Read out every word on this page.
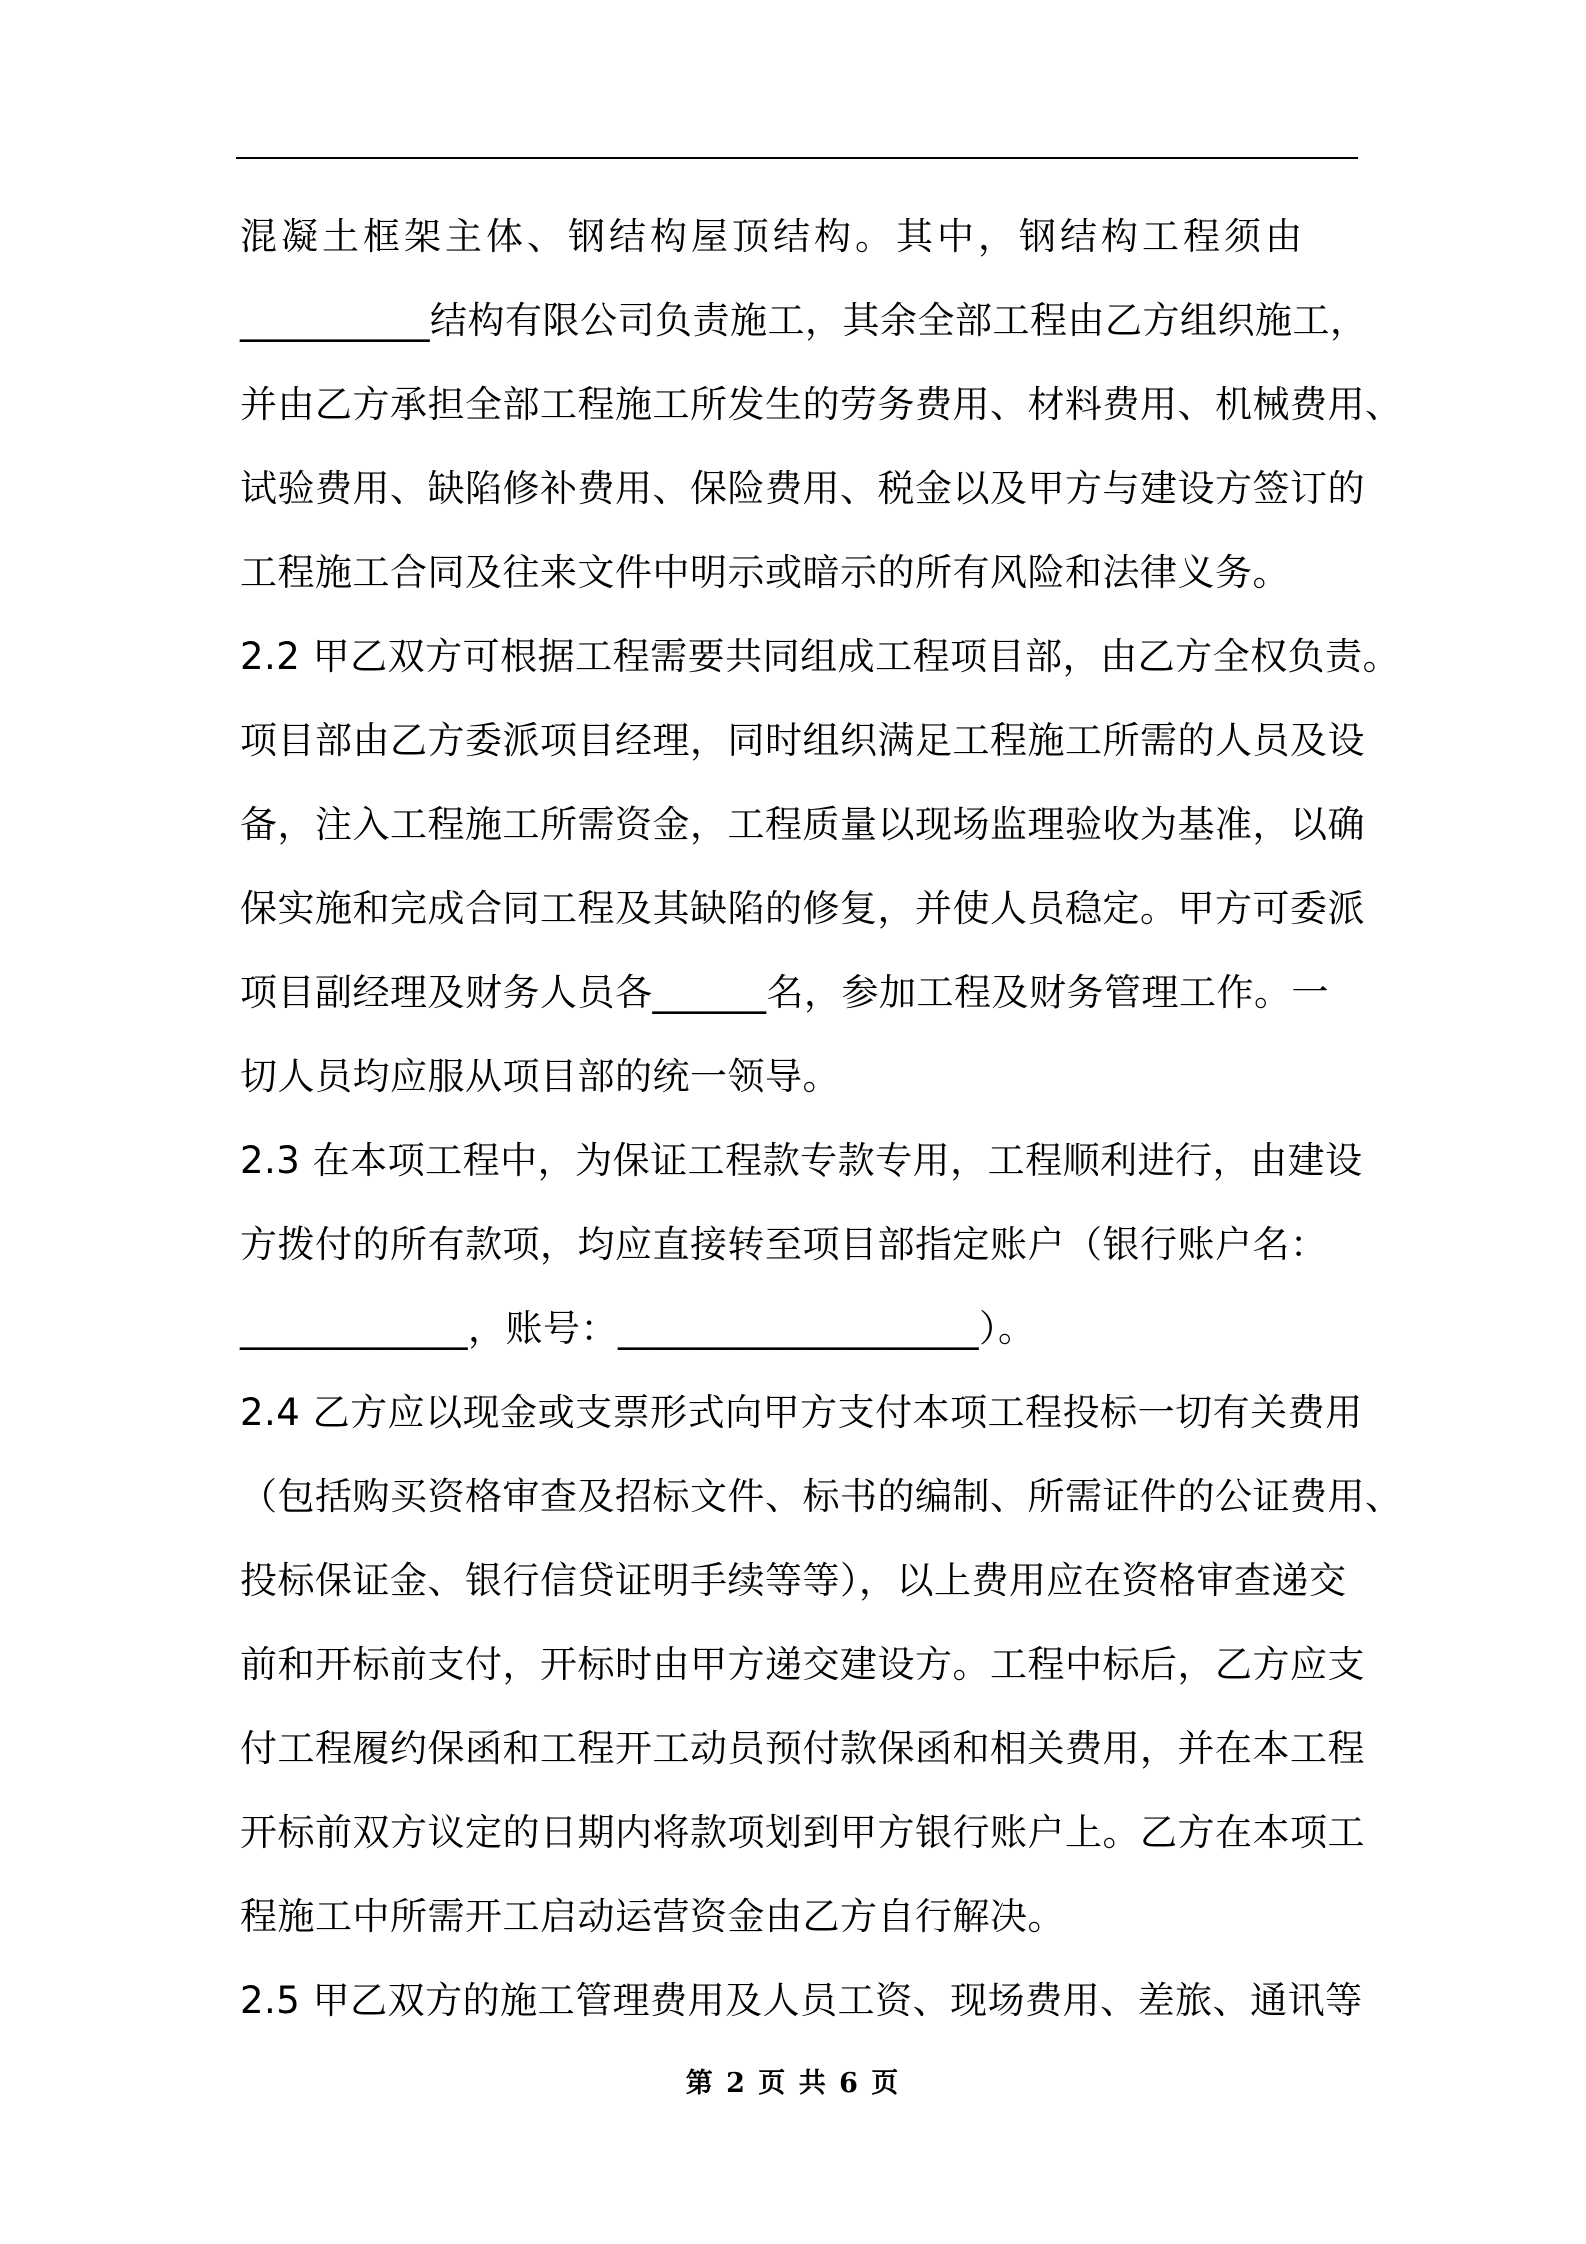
混凝土框架主体、钢结构屋顶结构。其中，钢结构工程须由
__________结构有限公司负责施工，其余全部工程由乙方组织施工，
并由乙方承担全部工程施工所发生的劳务费用、材料费用、机械费用、
试验费用、缺陷修补费用、保险费用、税金以及甲方与建设方签订的
工程施工合同及往来文件中明示或暗示的所有风险和法律义务。
2.2 甲乙双方可根据工程需要共同组成工程项目部，由乙方全权负责。
项目部由乙方委派项目经理，同时组织满足工程施工所需的人员及设
备，注入工程施工所需资金，工程质量以现场监理验收为基准，以确
保实施和完成合同工程及其缺陷的修复，并使人员稳定。甲方可委派
项目副经理及财务人员各______名，参加工程及财务管理工作。一
切人员均应服从项目部的统一领导。
2.3 在本项工程中，为保证工程款专款专用，工程顺利进行，由建设
方拨付的所有款项，均应直接转至项目部指定账户（银行账户名：
____________，账号：___________________）。
2.4 乙方应以现金或支票形式向甲方支付本项工程投标一切有关费用
（包括购买资格审查及招标文件、标书的编制、所需证件的公证费用、
投标保证金、银行信贷证明手续等等），以上费用应在资格审查递交
前和开标前支付，开标时由甲方递交建设方。工程中标后，乙方应支
付工程履约保函和工程开工动员预付款保函和相关费用，并在本工程
开标前双方议定的日期内将款项划到甲方银行账户上。乙方在本项工
程施工中所需开工启动运营资金由乙方自行解决。
2.5 甲乙双方的施工管理费用及人员工资、现场费用、差旅、通讯等
第 2 页 共 6 页
